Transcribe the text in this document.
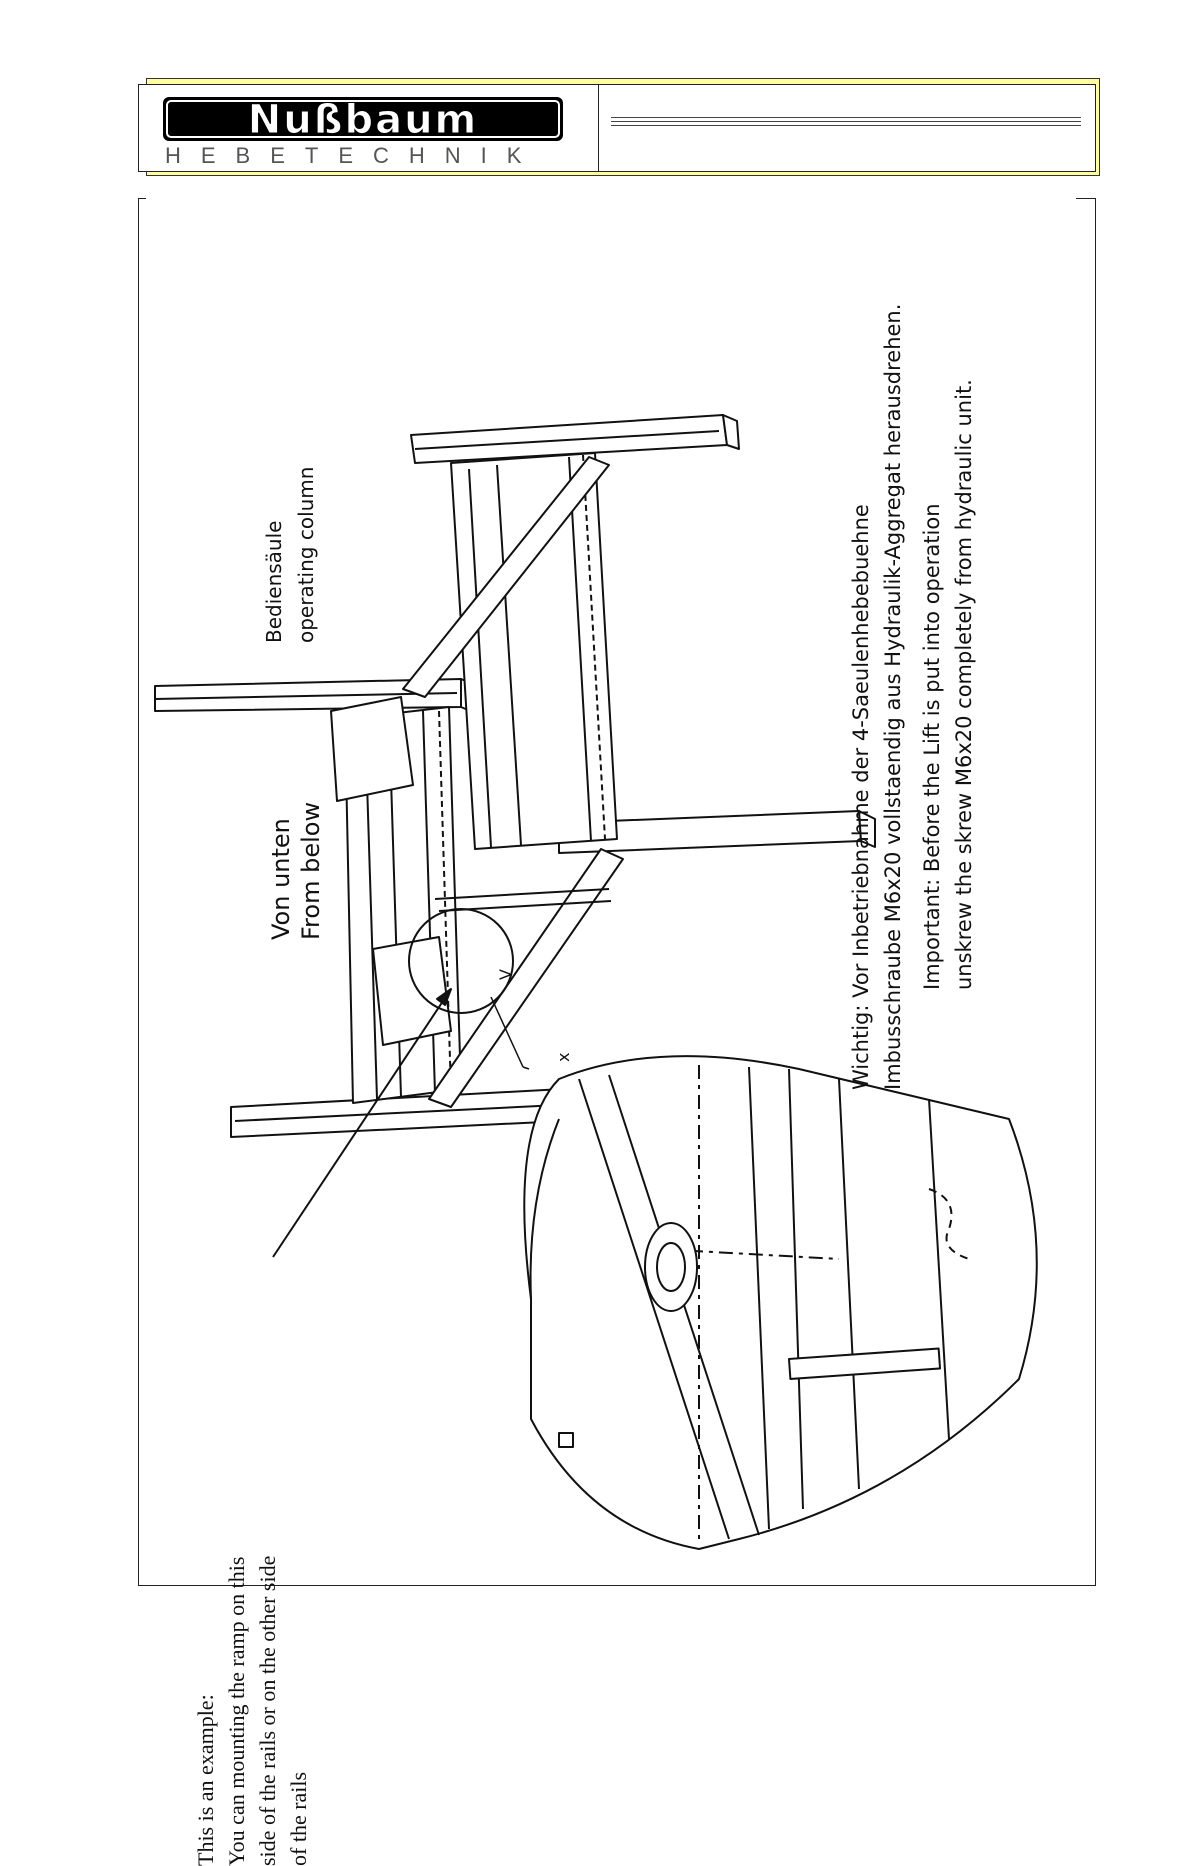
Nußbaum
HEBETECHNIK
Bediensäule operating column
Von unten From below
x
V
This is an example: You can mounting the ramp on this side of the rails or on the other side of the rails
Wichtig: Vor Inbetriebnahme der 4-Saeulenhebebuehne Imbusschraube M6x20 vollstaendig aus Hydraulik-Aggregat herausdrehen. Important: Before the Lift is put into operation unskrew the skrew M6x20 completely from hydraulic unit.
